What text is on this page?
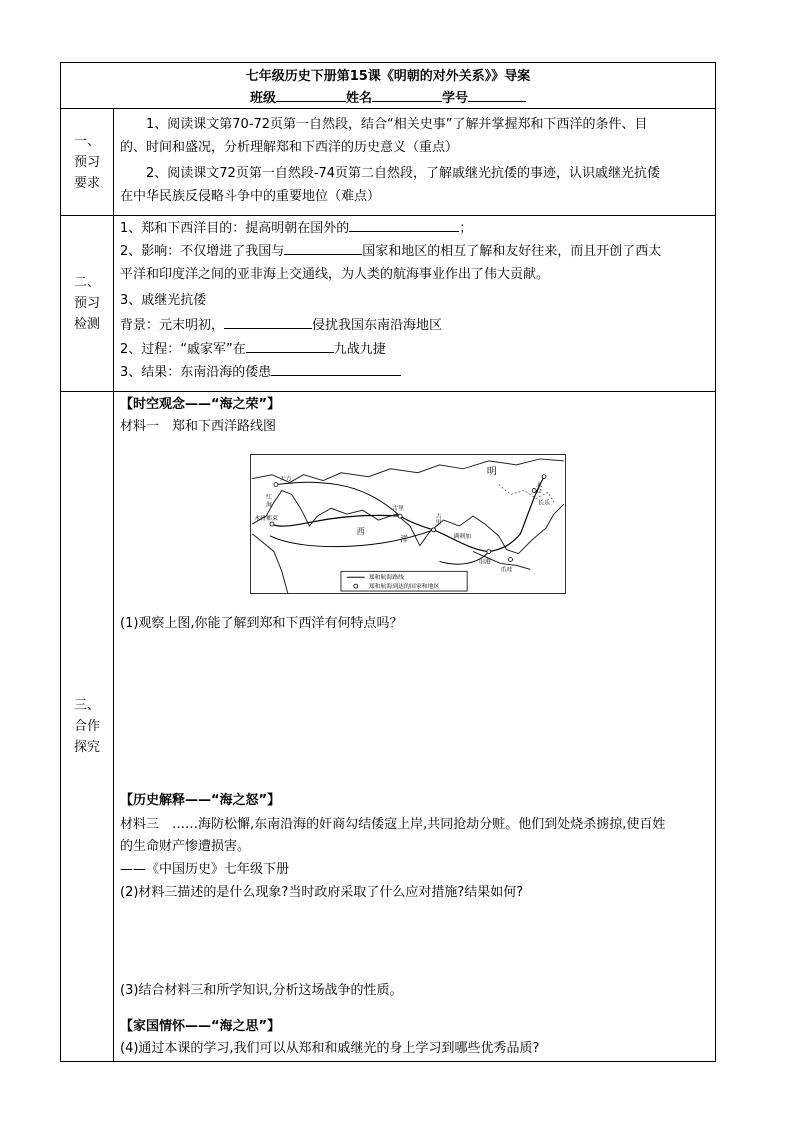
七年级历史下册第15课《明朝的对外关系》》导案
班级	姓名	学号
一、
预习
要求
1、阅读课文第70-72页第一自然段，结合“相关史事”了解并掌握郑和下西洋的条件、目
的、时间和盛况，分析理解郑和下西洋的历史意义（重点）
2、阅读课文72页第一自然段-74页第二自然段，了解戚继光抗倭的事迹，认识戚继光抗倭
在中华民族反侵略斗争中的重要地位（难点）
二、
预习
检测
1、郑和下西洋目的：提高明朝在国外的	；
2、影响：不仅增进了我国与	国家和地区的相互了解和友好往来，而且开创了西太
平洋和印度洋之间的亚非海上交通线，为人类的航海事业作出了伟大贡献。
3、戚继光抗倭
背景：元末明初，	侵扰我国东南沿海地区
2、过程：“戚家军”在	九战九捷
3、结果：东南沿海的倭患
三、
合作
探究
【时空观念——“海之荣”】
材料一　郑和下西洋路线图
明
天方
红
海
古里
木骨都束
西
洋	满剌加
古
里
太
仓
长乐
爪哇
旧港
郑和航海路线
郑和航海到达的国家和地区
(1)观察上图,你能了解到郑和下西洋有何特点吗？
【历史解释——“海之怒”】
材料三　……海防松懈,东南沿海的奸商勾结倭寇上岸,共同抢劫分赃。他们到处烧杀掳掠,使百姓
的生命财产惨遭损害。
——《中国历史》七年级下册
(2)材料三描述的是什么现象?当时政府采取了什么应对措施?结果如何?
(3)结合材料三和所学知识,分析这场战争的性质。
【家国情怀——“海之思”】
(4)通过本课的学习,我们可以从郑和和戚继光的身上学习到哪些优秀品质?
